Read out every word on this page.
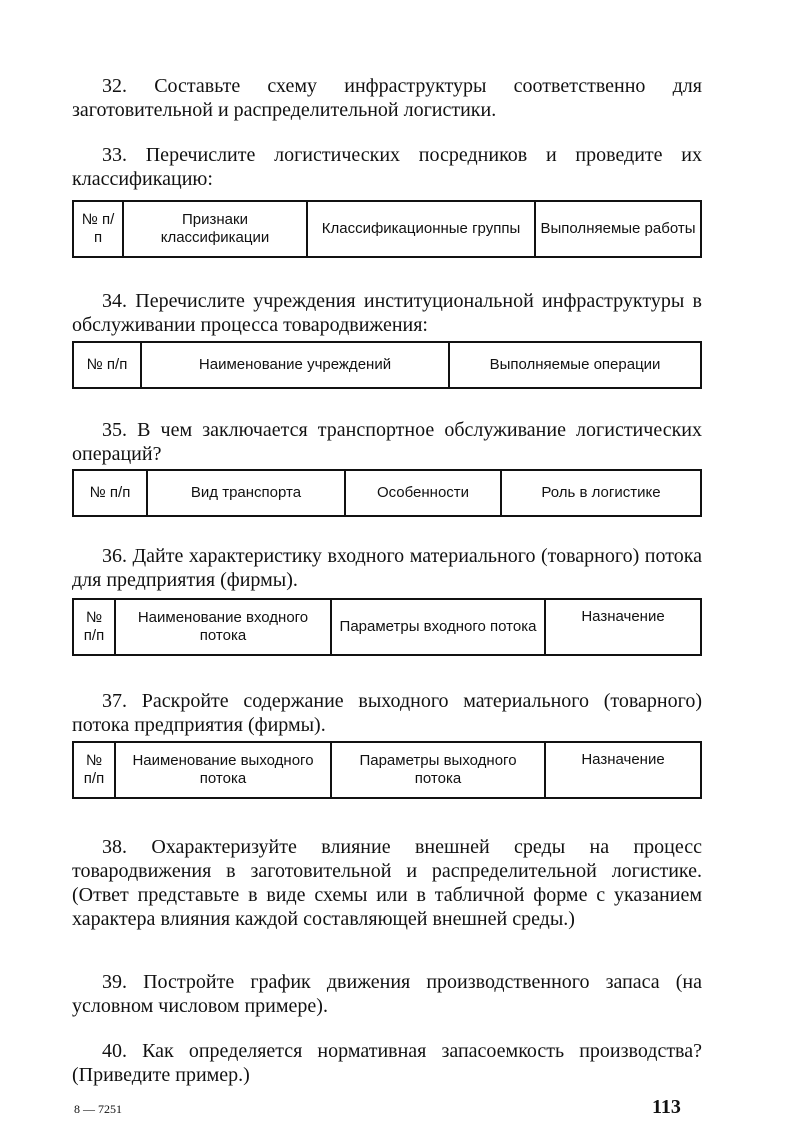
32. Составьте схему инфраструктуры соответственно для заготовительной и распределительной логистики.

33. Перечислите логистических посредников и проведите их классификацию:

№ п/п	Признаки классификации	Классификационные группы	Выполняемые работы

34. Перечислите учреждения институциональной инфраструктуры в обслуживании процесса товародвижения:

№ п/п	Наименование учреждений	Выполняемые операции

35. В чем заключается транспортное обслуживание логистических операций?

№ п/п	Вид транспорта	Особенности	Роль в логистике

36. Дайте характеристику входного материального (товарного) потока для предприятия (фирмы).

№ п/п	Наименование входного потока	Параметры входного потока	Назначение

37. Раскройте содержание выходного материального (товарного) потока предприятия (фирмы).

№ п/п	Наименование выходного потока	Параметры выходного потока	Назначение

38. Охарактеризуйте влияние внешней среды на процесс товародвижения в заготовительной и распределительной логистике. (Ответ представьте в виде схемы или в табличной форме с указанием характера влияния каждой составляющей внешней среды.)

39. Постройте график движения производственного запаса (на условном числовом примере).

40. Как определяется нормативная запасоемкость производства? (Приведите пример.)

8 — 7251	113
